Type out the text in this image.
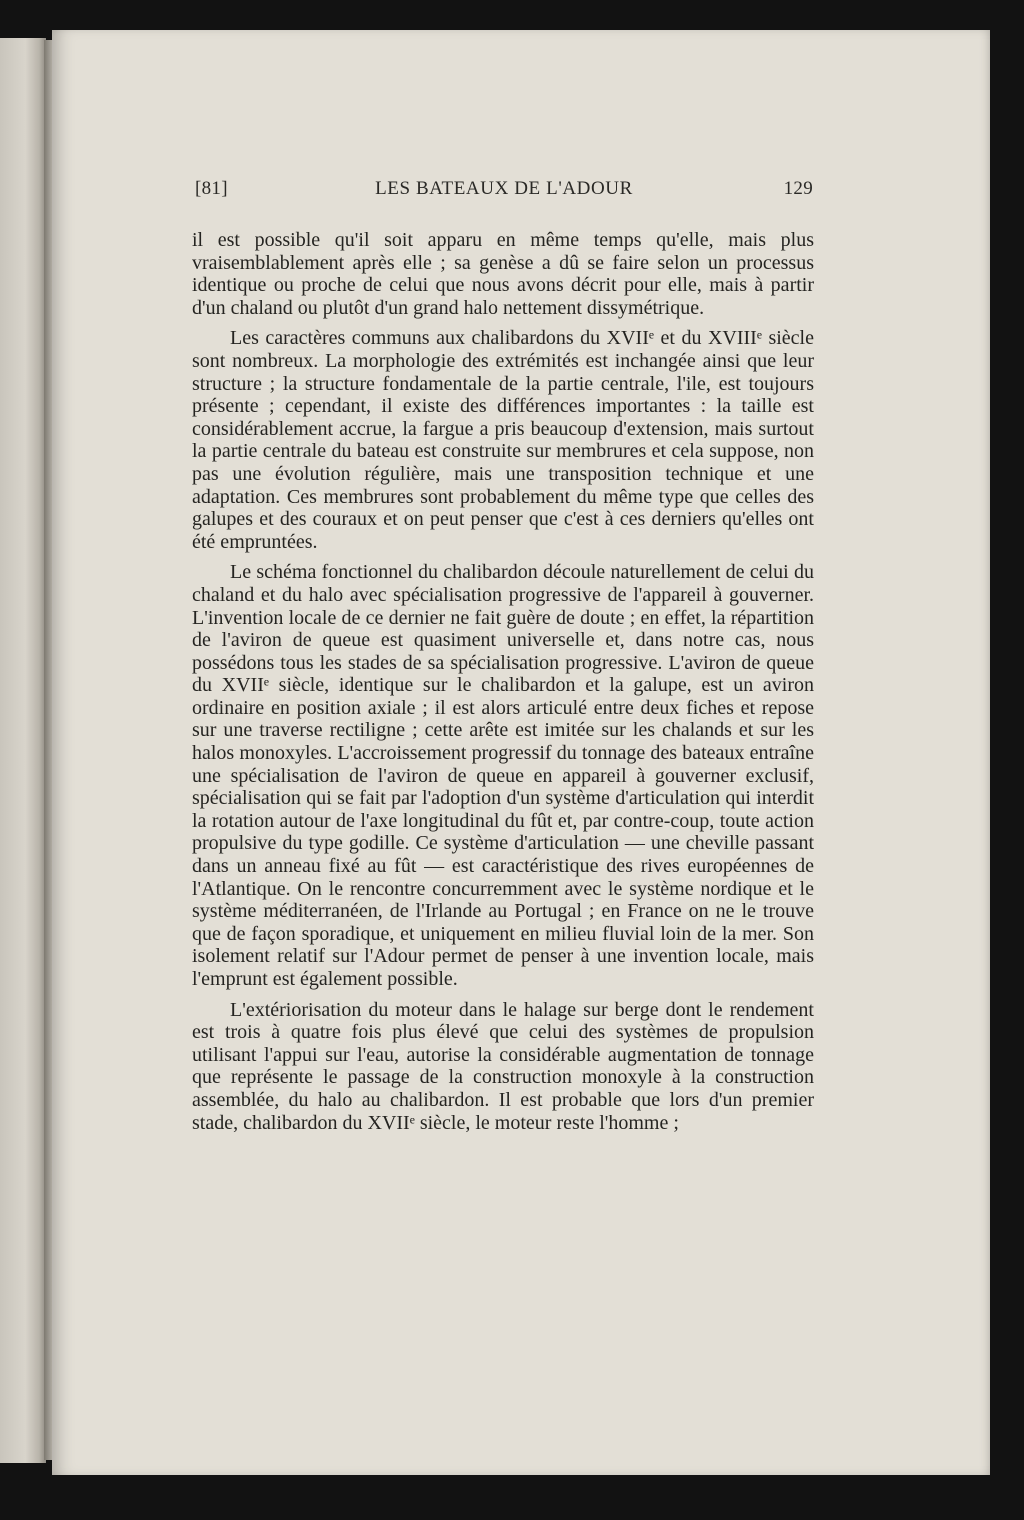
[81]	LES BATEAUX DE L'ADOUR	129

il est possible qu'il soit apparu en même temps qu'elle, mais plus vraisemblablement après elle ; sa genèse a dû se faire selon un processus identique ou proche de celui que nous avons décrit pour elle, mais à partir d'un chaland ou plutôt d'un grand halo nettement dissymétrique.

Les caractères communs aux chalibardons du XVIIᵉ et du XVIIIᵉ siècle sont nombreux. La morphologie des extrémités est inchangée ainsi que leur structure ; la structure fondamentale de la partie centrale, l'ile, est toujours présente ; cependant, il existe des différences importantes : la taille est considérablement accrue, la fargue a pris beaucoup d'extension, mais surtout la partie centrale du bateau est construite sur membrures et cela suppose, non pas une évolution régulière, mais une transposition technique et une adaptation. Ces membrures sont probablement du même type que celles des galupes et des couraux et on peut penser que c'est à ces derniers qu'elles ont été empruntées.

Le schéma fonctionnel du chalibardon découle naturellement de celui du chaland et du halo avec spécialisation progressive de l'appareil à gouverner. L'invention locale de ce dernier ne fait guère de doute ; en effet, la répartition de l'aviron de queue est quasiment universelle et, dans notre cas, nous possédons tous les stades de sa spécialisation progressive. L'aviron de queue du XVIIᵉ siècle, identique sur le chalibardon et la galupe, est un aviron ordinaire en position axiale ; il est alors articulé entre deux fiches et repose sur une traverse rectiligne ; cette arête est imitée sur les chalands et sur les halos monoxyles. L'accroissement progressif du tonnage des bateaux entraîne une spécialisation de l'aviron de queue en appareil à gouverner exclusif, spécialisation qui se fait par l'adoption d'un système d'articulation qui interdit la rotation autour de l'axe longitudinal du fût et, par contre-coup, toute action propulsive du type godille. Ce système d'articulation — une cheville passant dans un anneau fixé au fût — est caractéristique des rives européennes de l'Atlantique. On le rencontre concurremment avec le système nordique et le système méditerranéen, de l'Irlande au Portugal ; en France on ne le trouve que de façon sporadique, et uniquement en milieu fluvial loin de la mer. Son isolement relatif sur l'Adour permet de penser à une invention locale, mais l'emprunt est également possible.

L'extériorisation du moteur dans le halage sur berge dont le rendement est trois à quatre fois plus élevé que celui des systèmes de propulsion utilisant l'appui sur l'eau, autorise la considérable augmentation de tonnage que représente le passage de la construction monoxyle à la construction assemblée, du halo au chalibardon. Il est probable que lors d'un premier stade, chalibardon du XVIIᵉ siècle, le moteur reste l'homme ;
